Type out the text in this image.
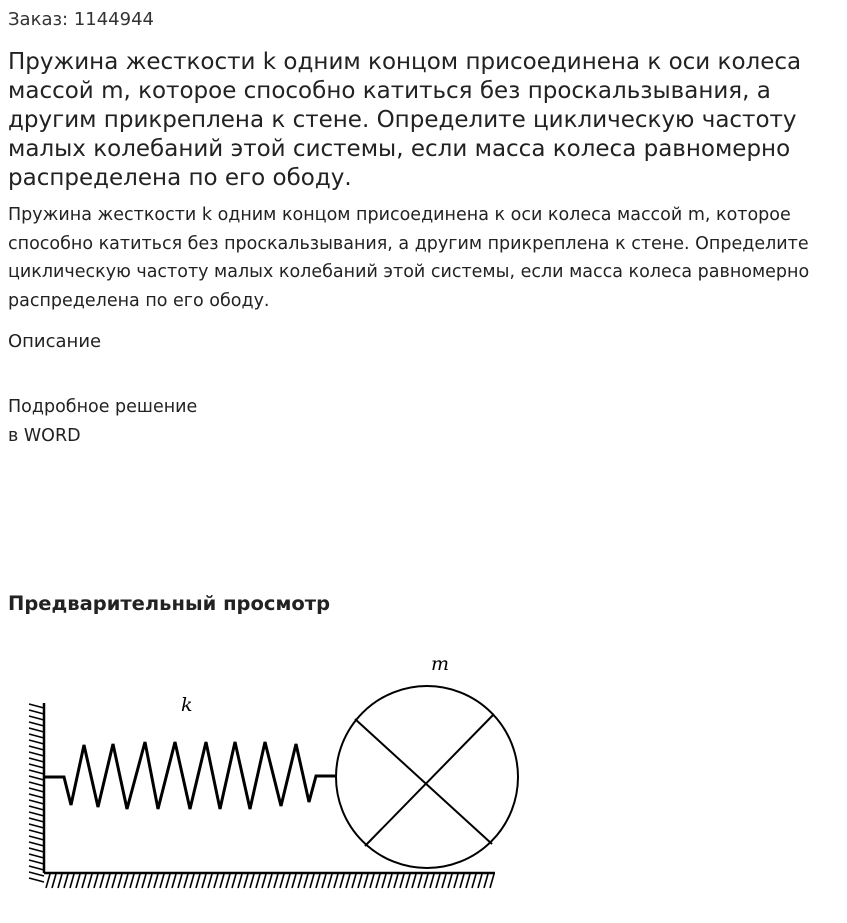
Заказ: 1144944
Пружина жесткости k одним концом присоединена к оси колеса массой m, которое способно катиться без проскальзывания, а другим прикреплена к стене. Определите циклическую частоту малых колебаний этой системы, если масса колеса равномерно распределена по его ободу.

Пружина жесткости k одним концом присоединена к оси колеса массой m, которое способно катиться без проскальзывания, а другим прикреплена к стене. Определите циклическую частоту малых колебаний этой системы, если масса колеса равномерно распределена по его ободу.

Описание
Подробное решение
в WORD
Предварительный просмотр
k
m
